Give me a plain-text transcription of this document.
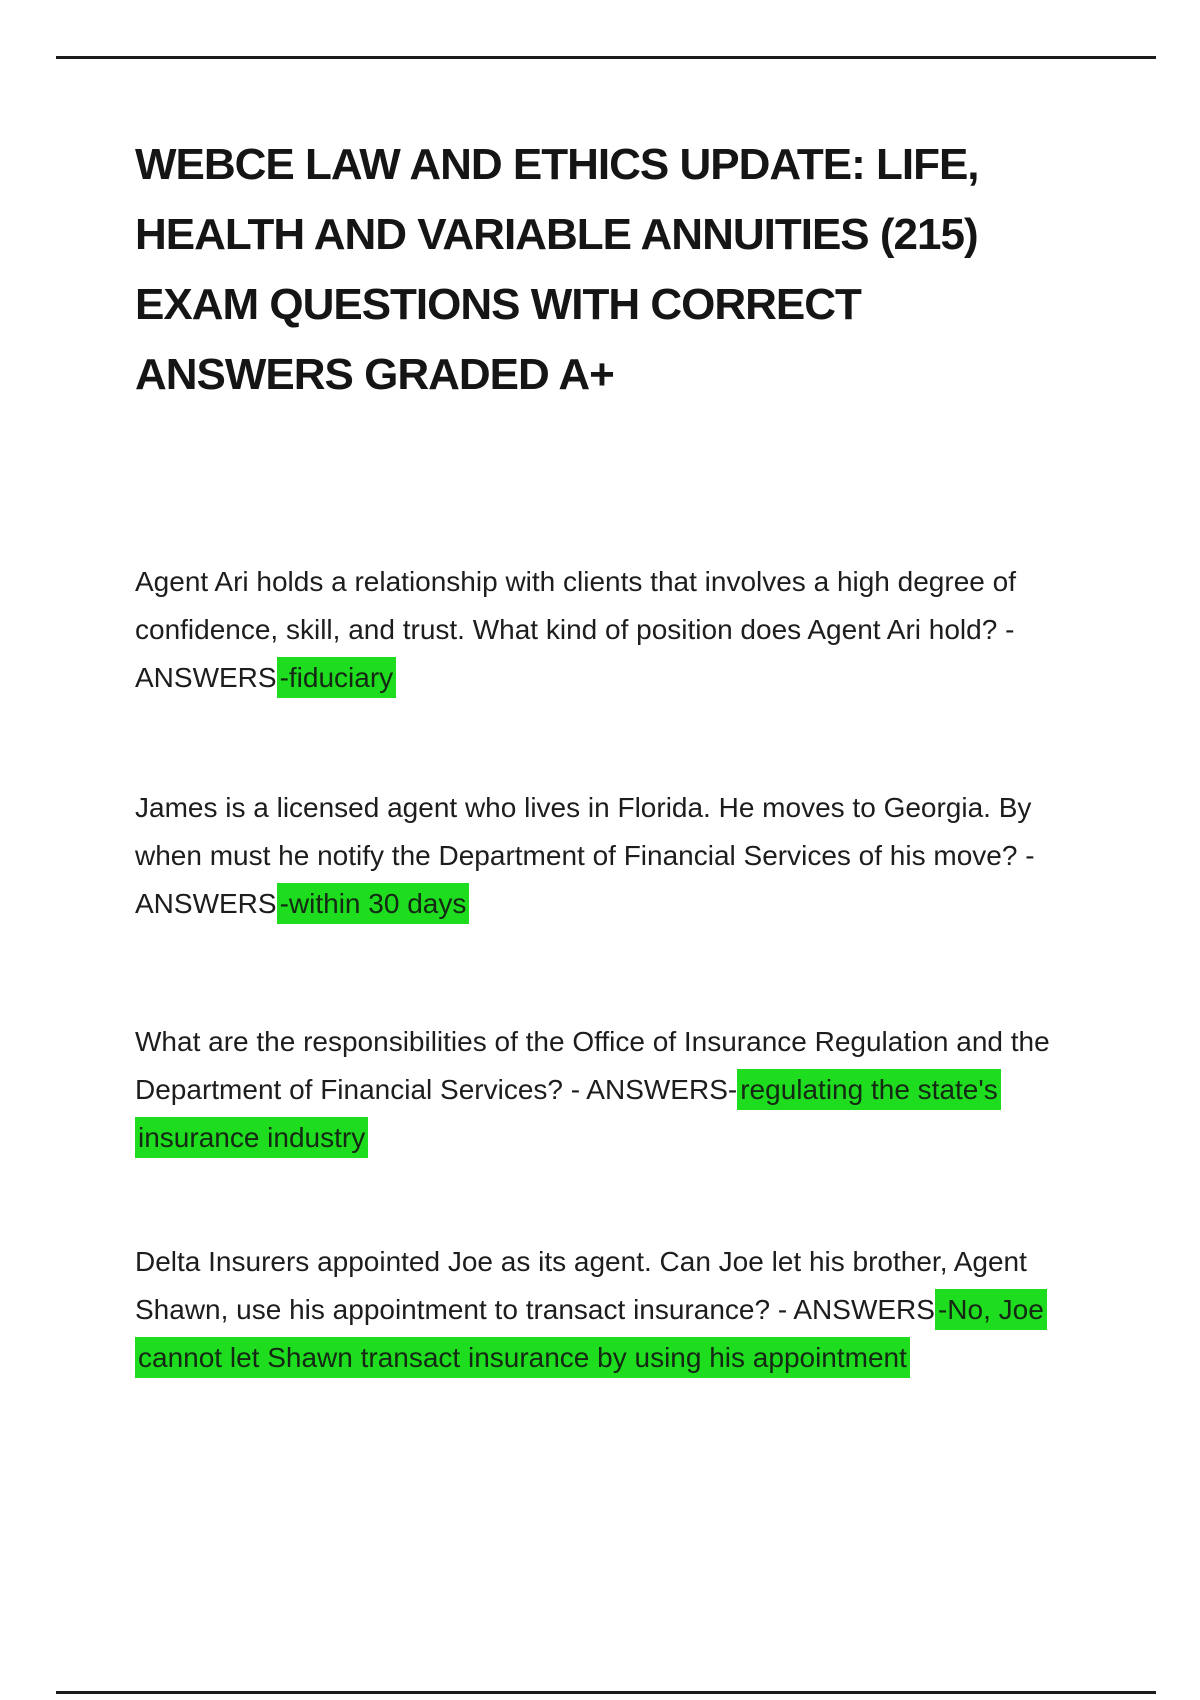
WEBCE LAW AND ETHICS UPDATE: LIFE,
HEALTH AND VARIABLE ANNUITIES (215)
EXAM QUESTIONS WITH CORRECT
ANSWERS GRADED A+
Agent Ari holds a relationship with clients that involves a high degree of confidence, skill, and trust. What kind of position does Agent Ari hold? - ANSWERS -fiduciary
James is a licensed agent who lives in Florida. He moves to Georgia. By when must he notify the Department of Financial Services of his move? - ANSWERS -within 30 days
What are the responsibilities of the Office of Insurance Regulation and the Department of Financial Services? - ANSWERS- regulating the state's insurance industry
Delta Insurers appointed Joe as its agent. Can Joe let his brother, Agent Shawn, use his appointment to transact insurance? - ANSWERS -No, Joe cannot let Shawn transact insurance by using his appointment
